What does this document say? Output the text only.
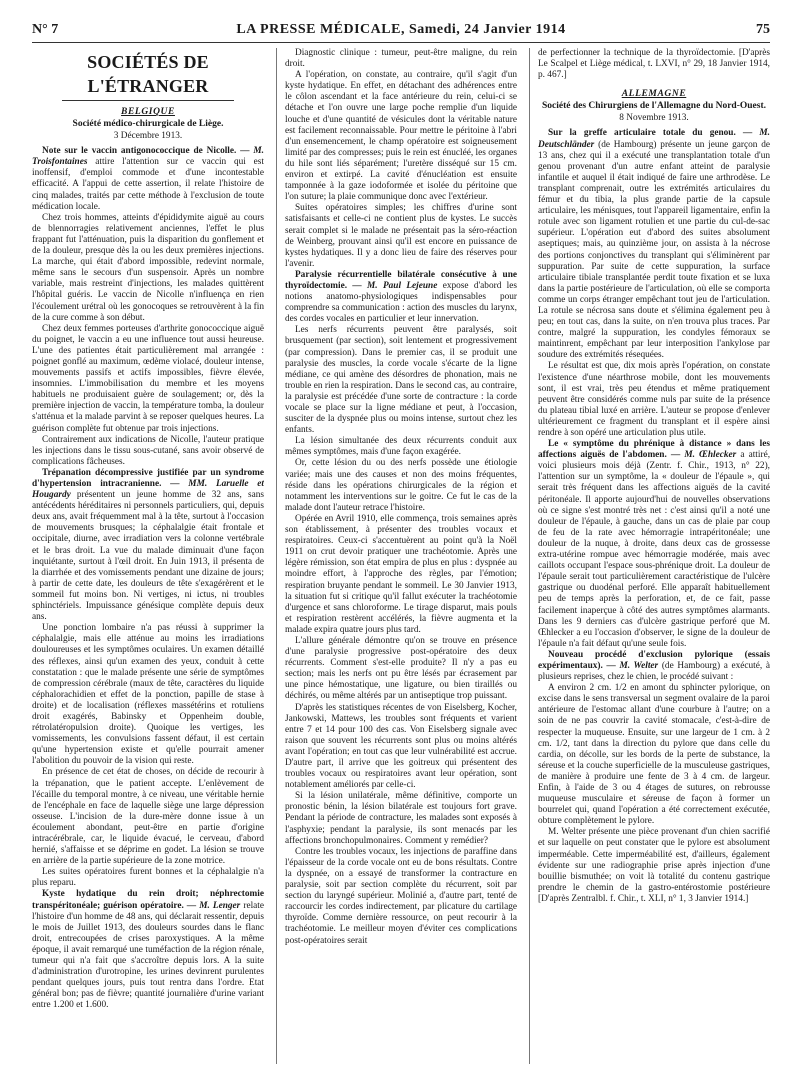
N° 7	LA PRESSE MÉDICALE, Samedi, 24 Janvier 1914	75
SOCIÉTÉS DE L'ÉTRANGER
BELGIQUE
Société médico-chirurgicale de Liège.
3 Décembre 1913.

Note sur le vaccin antigonococcique de Nicolle. — M. Troisfontaines attire l'attention sur ce vaccin qui est inoffensif, d'emploi commode et d'une incontestable efficacité. A l'appui de cette assertion, il relate l'histoire de cinq malades, traités par cette méthode à l'exclusion de toute médication locale.

Chez trois hommes, atteints d'épididymite aiguë au cours de blennorragies relativement anciennes, l'effet le plus frappant fut l'atténuation, puis la disparition du gonflement et de la douleur, presque dès la ou les deux premières injections. La marche, qui était d'abord impossible, redevint normale, même sans le secours d'un suspensoir. Après un nombre variable, mais restreint d'injections, les malades quittèrent l'hôpital guéris. Le vaccin de Nicolle n'influença en rien l'écoulement urétral où les gonocoques se retrouvèrent à la fin de la cure comme à son début.

Chez deux femmes porteuses d'arthrite gonococcique aiguë du poignet, le vaccin a eu une influence tout aussi heureuse. L'une des patientes était particulièrement mal arrangée : poignet gonflé au maximum, œdème violacé, douleur intense, mouvements passifs et actifs impossibles, fièvre élevée, insomnies. L'immobilisation du membre et les moyens habituels ne produisaient guère de soulagement; or, dès la première injection de vaccin, la température tomba, la douleur s'atténua et la malade parvint à se reposer quelques heures. La guérison complète fut obtenue par trois injections.

Contrairement aux indications de Nicolle, l'auteur pratique les injections dans le tissu sous-cutané, sans avoir observé de complications fâcheuses.

Trépanation décompressive justifiée par un syndrome d'hypertension intracranienne. — MM. Laruelle et Hougardy présentent un jeune homme de 32 ans, sans antécédents héréditaires ni personnels particuliers, qui, depuis deux ans, avait fréquemment mal à la tête, surtout à l'occasion de mouvements brusques; la céphalalgie était frontale et occipitale, diurne, avec irradiation vers la colonne vertébrale et le bras droit. La vue du malade diminuait d'une façon inquiétante, surtout à l'œil droit. En Juin 1913, il présenta de la diarrhée et des vomissements pendant une dizaine de jours; à partir de cette date, les douleurs de tête s'exagérèrent et le sommeil fut moins bon. Ni vertiges, ni ictus, ni troubles sphinctériels. Impuissance génésique complète depuis deux ans.

Une ponction lombaire n'a pas réussi à supprimer la céphalalgie, mais elle atténue au moins les irradiations douloureuses et les symptômes oculaires. Un examen détaillé des réflexes, ainsi qu'un examen des yeux, conduit à cette constatation : que le malade présente une série de symptômes de compression cérébrale (maux de tête, caractères du liquide céphalorachidien et effet de la ponction, papille de stase à droite) et de localisation (réflexes massétérins et rotuliens droit exagérés, Babinsky et Oppenheim double, rétrolatéropulsion droite). Quoique les vertiges, les vomissements, les convulsions fassent défaut, il est certain qu'une hypertension existe et qu'elle pourrait amener l'abolition du pouvoir de la vision qui reste.

En présence de cet état de choses, on décide de recourir à la trépanation, que le patient accepte. L'enlèvement de l'écaille du temporal montre, à ce niveau, une véritable hernie de l'encéphale en face de laquelle siège une large dépression osseuse. L'incision de la dure-mère donne issue à un écoulement abondant, peut-être en partie d'origine intracérébrale, car, le liquide évacué, le cerveau, d'abord hernié, s'affaisse et se déprime en godet. La lésion se trouve en arrière de la partie supérieure de la zone motrice.

Les suites opératoires furent bonnes et la céphalalgie n'a plus reparu.

Kyste hydatique du rein droit; néphrectomie transpéritonéale; guérison opératoire. — M. Lenger relate l'histoire d'un homme de 48 ans, qui déclarait ressentir, depuis le mois de Juillet 1913, des douleurs sourdes dans le flanc droit, entrecoupées de crises paroxystiques. A la même époque, il avait remarqué une tuméfaction de la région rénale, tumeur qui n'a fait que s'accroître depuis lors. A la suite d'administration d'urotropine, les urines devinrent purulentes pendant quelques jours, puis tout rentra dans l'ordre. Etat général bon; pas de fièvre; quantité journalière d'urine variant entre 1.200 et 1.600.

Diagnostic clinique : tumeur, peut-être maligne, du rein droit.

A l'opération, on constate, au contraire, qu'il s'agit d'un kyste hydatique. En effet, en détachant des adhérences entre le côlon ascendant et la face antérieure du rein, celui-ci se détache et l'on ouvre une large poche remplie d'un liquide louche et d'une quantité de vésicules dont la véritable nature est facilement reconnaissable. Pour mettre le péritoine à l'abri d'un ensemencement, le champ opératoire est soigneusement limité par des compresses; puis le rein est énucléé, les organes du hile sont liés séparément; l'uretère disséqué sur 15 cm. environ et extirpé. La cavité d'énucléation est ensuite tamponnée à la gaze iodoformée et isolée du péritoine que l'on suture; la plaie communique donc avec l'extérieur.

Suites opératoires simples; les chiffres d'urine sont satisfaisants et celle-ci ne contient plus de kystes. Le succès serait complet si le malade ne présentait pas la séro-réaction de Weinberg, prouvant ainsi qu'il est encore en puissance de kystes hydatiques. Il y a donc lieu de faire des réserves pour l'avenir.

Paralysie récurrentielle bilatérale consécutive à une thyroïdectomie. — M. Paul Lejeune expose d'abord les notions anatomo-physiologiques indispensables pour comprendre sa communication : action des muscles du larynx, des cordes vocales en particulier et leur innervation.

Les nerfs récurrents peuvent être paralysés, soit brusquement (par section), soit lentement et progressivement (par compression). Dans le premier cas, il se produit une paralysie des muscles, la corde vocale s'écarte de la ligne médiane, ce qui amène des désordres de phonation, mais ne trouble en rien la respiration. Dans le second cas, au contraire, la paralysie est précédée d'une sorte de contracture : la corde vocale se place sur la ligne médiane et peut, à l'occasion, susciter de la dyspnée plus ou moins intense, surtout chez les enfants.

La lésion simultanée des deux récurrents conduit aux mêmes symptômes, mais d'une façon exagérée.

Or, cette lésion du ou des nerfs possède une étiologie variée; mais une des causes et non des moins fréquentes, réside dans les opérations chirurgicales de la région et notamment les interventions sur le goitre. Ce fut le cas de la malade dont l'auteur retrace l'histoire.

Opérée en Avril 1910, elle commença, trois semaines après son établissement, à présenter des troubles vocaux et respiratoires. Ceux-ci s'accentuèrent au point qu'à la Noël 1911 on crut devoir pratiquer une trachéotomie. Après une légère rémission, son état empira de plus en plus : dyspnée au moindre effort, à l'approche des règles, par l'émotion; respiration bruyante pendant le sommeil. Le 30 Janvier 1913, la situation fut si critique qu'il fallut exécuter la trachéotomie d'urgence et sans chloroforme. Le tirage disparut, mais pouls et respiration restèrent accélérés, la fièvre augmenta et la malade expira quatre jours plus tard.

L'allure générale démontre qu'on se trouve en présence d'une paralysie progressive post-opératoire des deux récurrents. Comment s'est-elle produite? Il n'y a pas eu section; mais les nerfs ont pu être lésés par écrasement par une pince hémostatique, une ligature, ou bien tiraillés ou déchirés, ou même altérés par un antiseptique trop puissant.

D'après les statistiques récentes de von Eiselsberg, Kocher, Jankowski, Mattews, les troubles sont fréquents et varient entre 7 et 14 pour 100 des cas. Von Eiselsberg signale avec raison que souvent les récurrents sont plus ou moins altérés avant l'opération; en tout cas que leur vulnérabilité est accrue. D'autre part, il arrive que les goitreux qui présentent des troubles vocaux ou respiratoires avant leur opération, sont notablement améliorés par celle-ci.

Si la lésion unilatérale, même définitive, comporte un pronostic bénin, la lésion bilatérale est toujours fort grave. Pendant la période de contracture, les malades sont exposés à l'asphyxie; pendant la paralysie, ils sont menacés par les affections bronchopulmonaires. Comment y remédier?

Contre les troubles vocaux, les injections de paraffine dans l'épaisseur de la corde vocale ont eu de bons résultats. Contre la dyspnée, on a essayé de transformer la contracture en paralysie, soit par section complète du récurrent, soit par section du laryngé supérieur. Molinié a, d'autre part, tenté de raccourcir les cordes indirectement, par plicature du cartilage thyroïde. Comme dernière ressource, on peut recourir à la trachéotomie. Le meilleur moyen d'éviter ces complications post-opératoires serait

de perfectionner la technique de la thyroïdectomie. [D'après Le Scalpel et Liège médical, t. LXVI, n° 29, 18 Janvier 1914, p. 467.]

ALLEMAGNE
Société des Chirurgiens de l'Allemagne du Nord-Ouest.
8 Novembre 1913.

Sur la greffe articulaire totale du genou. — M. Deutschländer (de Hambourg) présente un jeune garçon de 13 ans, chez qui il a exécuté une transplantation totale d'un genou provenant d'un autre enfant atteint de paralysie infantile et auquel il était indiqué de faire une arthrodèse. Le transplant comprenait, outre les extrémités articulaires du fémur et du tibia, la plus grande partie de la capsule articulaire, les ménisques, tout l'appareil ligamentaire, enfin la rotule avec son ligament rotulien et une partie du cul-de-sac supérieur. L'opération eut d'abord des suites absolument aseptiques; mais, au quinzième jour, on assista à la nécrose des portions conjonctives du transplant qui s'éliminèrent par suppuration. Par suite de cette suppuration, la surface articulaire tibiale transplantée perdit toute fixation et se luxa dans la partie postérieure de l'articulation, où elle se comporta comme un corps étranger empêchant tout jeu de l'articulation. La rotule se nécrosa sans doute et s'élimina également peu à peu; en tout cas, dans la suite, on n'en trouva plus traces. Par contre, malgré la suppuration, les condyles fémoraux se maintinrent, empêchant par leur interposition l'ankylose par soudure des extrémités résequées.

Le résultat est que, dix mois après l'opération, on constate l'existence d'une néarthrose mobile, dont les mouvements sont, il est vrai, très peu étendus et même pratiquement peuvent être considérés comme nuls par suite de la présence du plateau tibial luxé en arrière. L'auteur se propose d'enlever ultérieurement ce fragment du transplant et il espère ainsi rendre à son opéré une articulation plus utile.

Le « symptôme du phrénique à distance » dans les affections aiguës de l'abdomen. — M. Œhlecker a attiré, voici plusieurs mois déjà (Zentr. f. Chir., 1913, n° 22), l'attention sur un symptôme, la « douleur de l'épaule », qui serait très fréquent dans les affections aiguës de la cavité péritonéale. Il apporte aujourd'hui de nouvelles observations où ce signe s'est montré très net : c'est ainsi qu'il a noté une douleur de l'épaule, à gauche, dans un cas de plaie par coup de feu de la rate avec hémorragie intrapéritonéale; une douleur de la nuque, à droite, dans deux cas de grossesse extra-utérine rompue avec hémorragie modérée, mais avec caillots occupant l'espace sous-phrénique droit. La douleur de l'épaule serait tout particulièrement caractéristique de l'ulcère gastrique ou duodénal perforé. Elle apparaît habituellement peu de temps après la perforation, et, de ce fait, passe facilement inaperçue à côté des autres symptômes alarmants. Dans les 9 derniers cas d'ulcère gastrique perforé que M. Œhlecker a eu l'occasion d'observer, le signe de la douleur de l'épaule n'a fait défaut qu'une seule fois.

Nouveau procédé d'exclusion pylorique (essais expérimentaux). — M. Welter (de Hambourg) a exécuté, à plusieurs reprises, chez le chien, le procédé suivant :

A environ 2 cm. 1/2 en amont du sphincter pylorique, on excise dans le sens transversal un segment ovalaire de la paroi antérieure de l'estomac allant d'une courbure à l'autre; on a soin de ne pas couvrir la cavité stomacale, c'est-à-dire de respecter la muqueuse. Ensuite, sur une largeur de 1 cm. à 2 cm. 1/2, tant dans la direction du pylore que dans celle du cardia, on décolle, sur les bords de la perte de substance, la séreuse et la couche superficielle de la musculeuse gastriques, de manière à produire une fente de 3 à 4 cm. de largeur. Enfin, à l'aide de 3 ou 4 étages de sutures, on rebrousse muqueuse musculaire et séreuse de façon à former un bourrelet qui, quand l'opération a été correctement exécutée, obture complètement le pylore.

M. Welter présente une pièce provenant d'un chien sacrifié et sur laquelle on peut constater que le pylore est absolument imperméable. Cette imperméabilité est, d'ailleurs, également évidente sur une radiographie prise après injection d'une bouillie bismuthée; on voit là totalité du contenu gastrique prendre le chemin de la gastro-entérostomie postérieure [D'après Zentralbl. f. Chir., t. XLI, n° 1, 3 Janvier 1914.]
